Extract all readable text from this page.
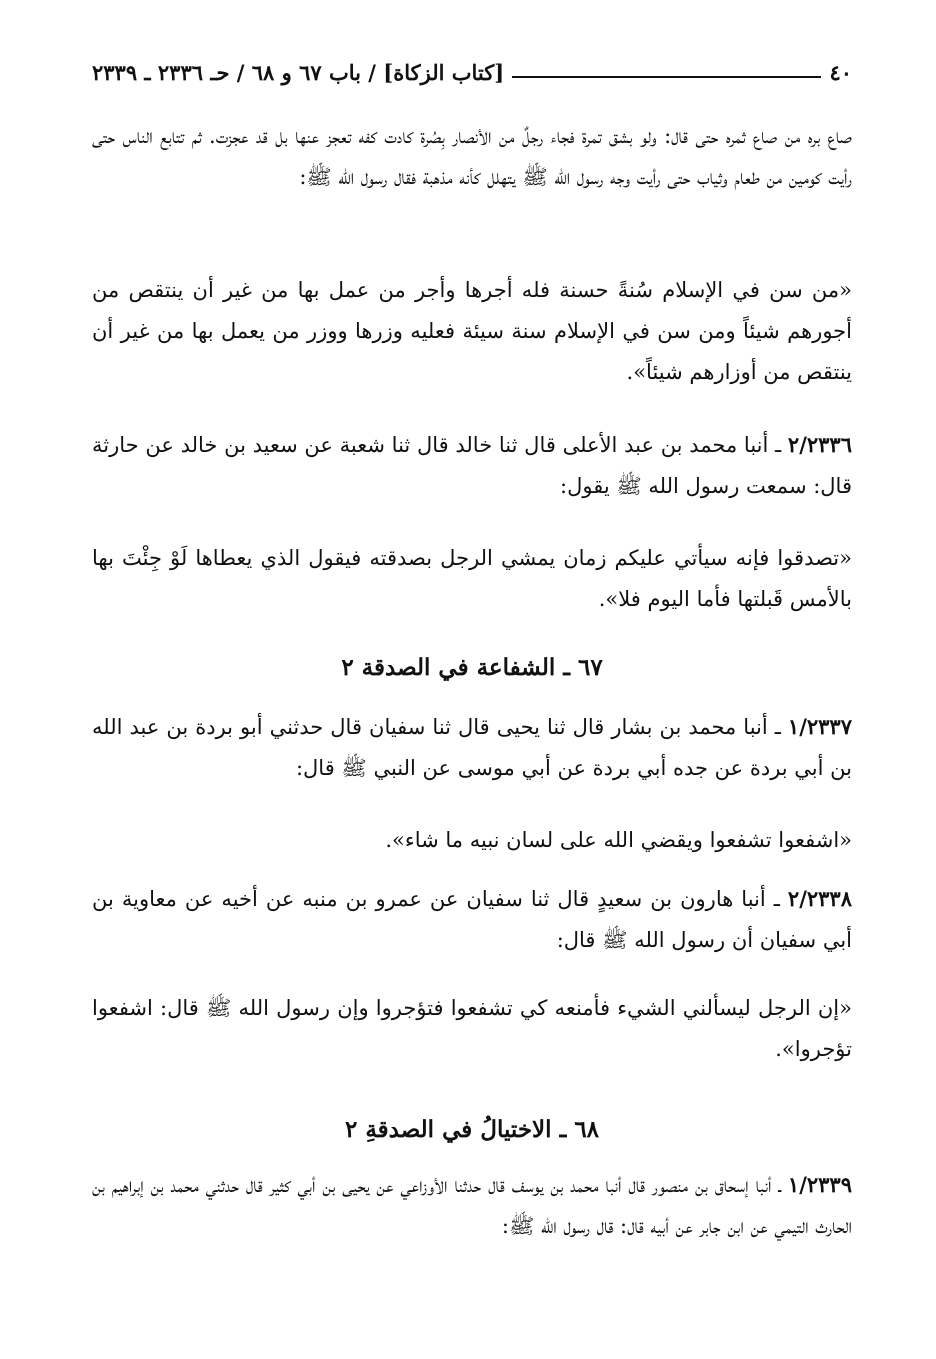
٤٠
[كتاب الزكاة] / باب ٦٧ و ٦٨ / حـ ٢٣٣٦ ـ ٢٣٣٩

صاع بره من صاع ثمره حتى قال: ولو بشق تمرة فجاء رجلٌ من الأنصار بِصُرة كادت كفه تعجز عنها بل قد عجزت. ثم تتابع الناس حتى رأيت كومين من طعام وثياب حتى رأيت وجه رسول الله ﷺ يتهلل كأنه مذهبة فقال رسول الله ﷺ:

«من سن في الإسلام سُنةً حسنة فله أجرها وأجر من عمل بها من غير أن ينتقص من أجورهم شيئاً ومن سن في الإسلام سنة سيئة فعليه وزرها ووزر من يعمل بها من غير أن ينتقص من أوزارهم شيئاً».

٢/٢٣٣٦ ـ أنبا محمد بن عبد الأعلى قال ثنا خالد قال ثنا شعبة عن سعيد بن خالد عن حارثة قال: سمعت رسول الله ﷺ يقول:

«تصدقوا فإنه سيأتي عليكم زمان يمشي الرجل بصدقته فيقول الذي يعطاها لَوْ جِئْتَ بها بالأمس قَبلتها فأما اليوم فلا».

٦٧ ـ الشفاعة في الصدقة ٢

١/٢٣٣٧ ـ أنبا محمد بن بشار قال ثنا يحيى قال ثنا سفيان قال حدثني أبو بردة بن عبد الله بن أبي بردة عن جده أبي بردة عن أبي موسى عن النبي ﷺ قال:

«اشفعوا تشفعوا ويقضي الله على لسان نبيه ما شاء».

٢/٢٣٣٨ ـ أنبا هارون بن سعيدٍ قال ثنا سفيان عن عمرو بن منبه عن أخيه عن معاوية بن أبي سفيان أن رسول الله ﷺ قال:

«إن الرجل ليسألني الشيء فأمنعه كي تشفعوا فتؤجروا وإن رسول الله ﷺ قال: اشفعوا تؤجروا».

٦٨ ـ الاختيالُ في الصدقةِ ٢

١/٢٣٣٩ ـ أنبا إسحاق بن منصور قال أنبا محمد بن يوسف قال حدثنا الأوزاعي عن يحيى بن أبي كثير قال حدثني محمد بن إبراهيم بن الحارث التيمي عن ابن جابر عن أبيه قال: قال رسول الله ﷺ:
